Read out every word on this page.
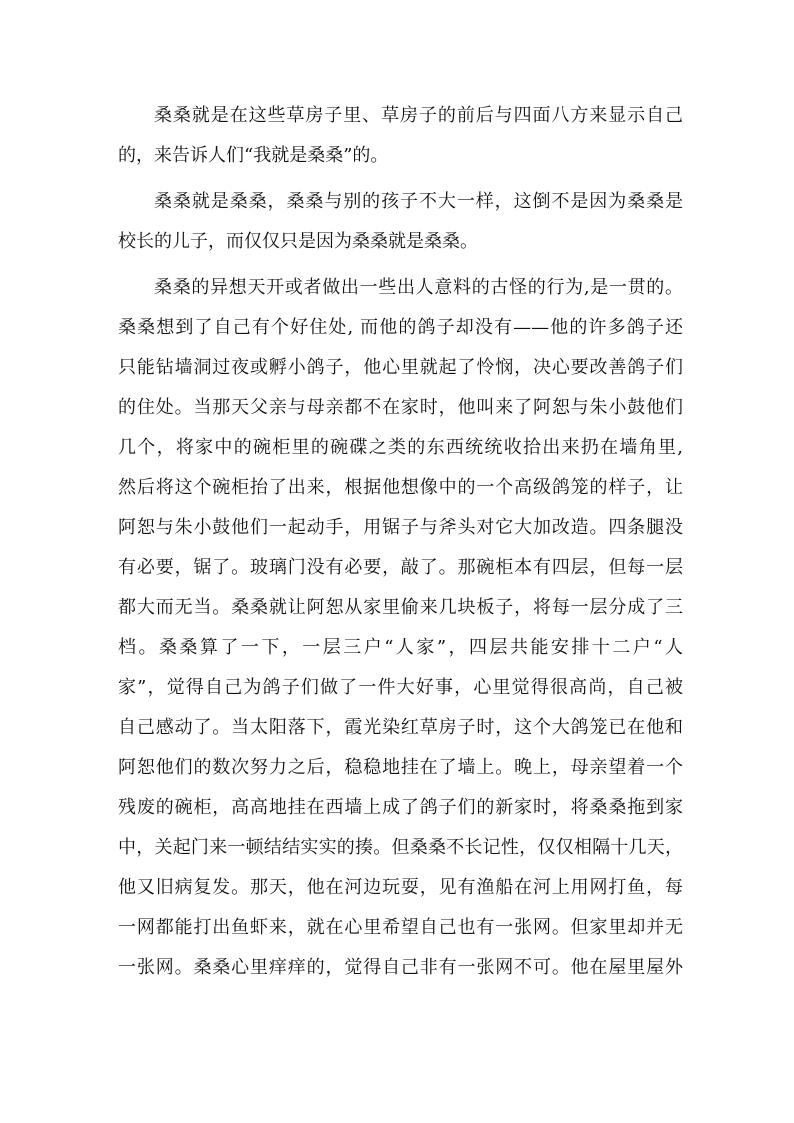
桑桑就是在这些草房子里、草房子的前后与四面八方来显示自己
的，来告诉人们“我就是桑桑”的。
桑桑就是桑桑，桑桑与别的孩子不大一样，这倒不是因为桑桑是
校长的儿子，而仅仅只是因为桑桑就是桑桑。
桑桑的异想天开或者做出一些出人意料的古怪的行为,是一贯的。
桑桑想到了自己有个好住处, 而他的鸽子却没有——他的许多鸽子还
只能钻墙洞过夜或孵小鸽子，他心里就起了怜悯，决心要改善鸽子们
的住处。当那天父亲与母亲都不在家时，他叫来了阿恕与朱小鼓他们
几个，将家中的碗柜里的碗碟之类的东西统统收拾出来扔在墙角里,
然后将这个碗柜抬了出来，根据他想像中的一个高级鸽笼的样子，让
阿恕与朱小鼓他们一起动手，用锯子与斧头对它大加改造。四条腿没
有必要，锯了。玻璃门没有必要，敲了。那碗柜本有四层，但每一层
都大而无当。桑桑就让阿恕从家里偷来几块板子，将每一层分成了三
档。桑桑算了一下，一层三户“人家”，四层共能安排十二户“人
家”，觉得自己为鸽子们做了一件大好事，心里觉得很高尚，自己被
自己感动了。当太阳落下，霞光染红草房子时，这个大鸽笼已在他和
阿恕他们的数次努力之后，稳稳地挂在了墙上。晚上，母亲望着一个
残废的碗柜，高高地挂在西墙上成了鸽子们的新家时，将桑桑拖到家
中，关起门来一顿结结实实的揍。但桑桑不长记性，仅仅相隔十几天，
他又旧病复发。那天，他在河边玩耍，见有渔船在河上用网打鱼，每
一网都能打出鱼虾来，就在心里希望自己也有一张网。但家里却并无
一张网。桑桑心里痒痒的，觉得自己非有一张网不可。他在屋里屋外
